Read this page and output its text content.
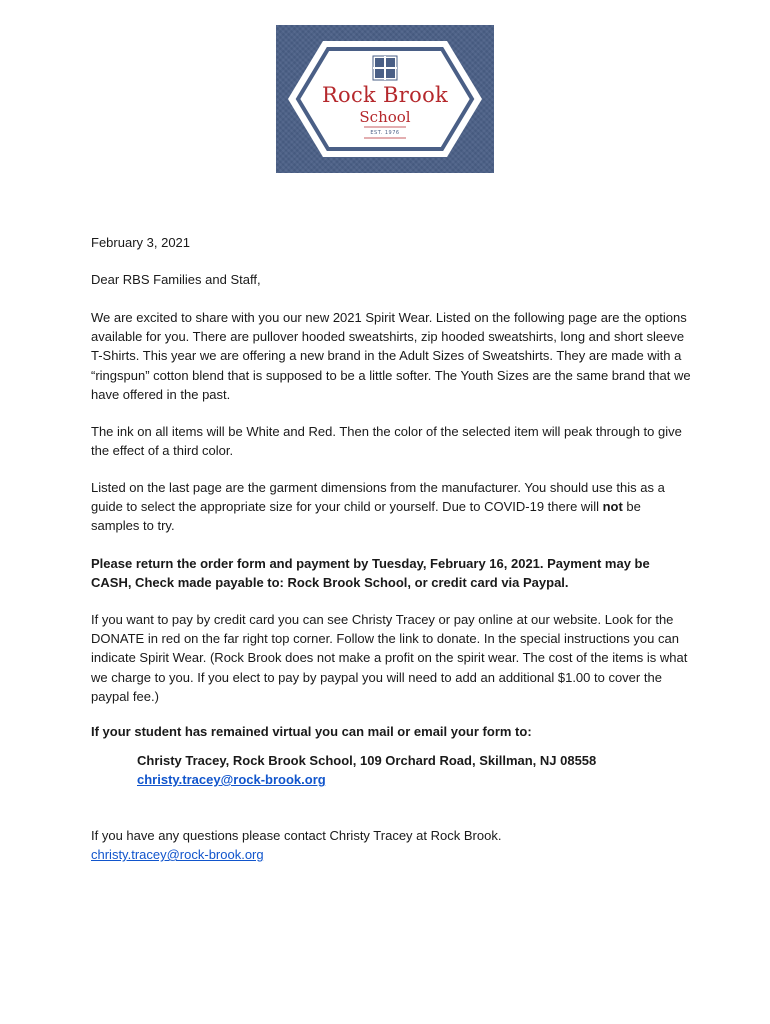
Rock Brook
School
EST. 1976

February 3, 2021

Dear RBS Families and Staff,

We are excited to share with you our new 2021 Spirit Wear. Listed on the following page are the options available for you. There are pullover hooded sweatshirts, zip hooded sweatshirts, long and short sleeve T-Shirts. This year we are offering a new brand in the Adult Sizes of Sweatshirts. They are made with a “ringspun” cotton blend that is supposed to be a little softer. The Youth Sizes are the same brand that we have offered in the past.

The ink on all items will be White and Red. Then the color of the selected item will peak through to give the effect of a third color.

Listed on the last page are the garment dimensions from the manufacturer. You should use this as a guide to select the appropriate size for your child or yourself. Due to COVID-19 there will not be samples to try.

Please return the order form and payment by Tuesday, February 16, 2021. Payment may be CASH, Check made payable to: Rock Brook School, or credit card via Paypal.

If you want to pay by credit card you can see Christy Tracey or pay online at our website. Look for the DONATE in red on the far right top corner. Follow the link to donate. In the special instructions you can indicate Spirit Wear. (Rock Brook does not make a profit on the spirit wear. The cost of the items is what we charge to you. If you elect to pay by paypal you will need to add an additional $1.00 to cover the paypal fee.)

If your student has remained virtual you can mail or email your form to:

Christy Tracey, Rock Brook School, 109 Orchard Road, Skillman, NJ 08558

christy.tracey@rock-brook.org

If you have any questions please contact Christy Tracey at Rock Brook.

christy.tracey@rock-brook.org
